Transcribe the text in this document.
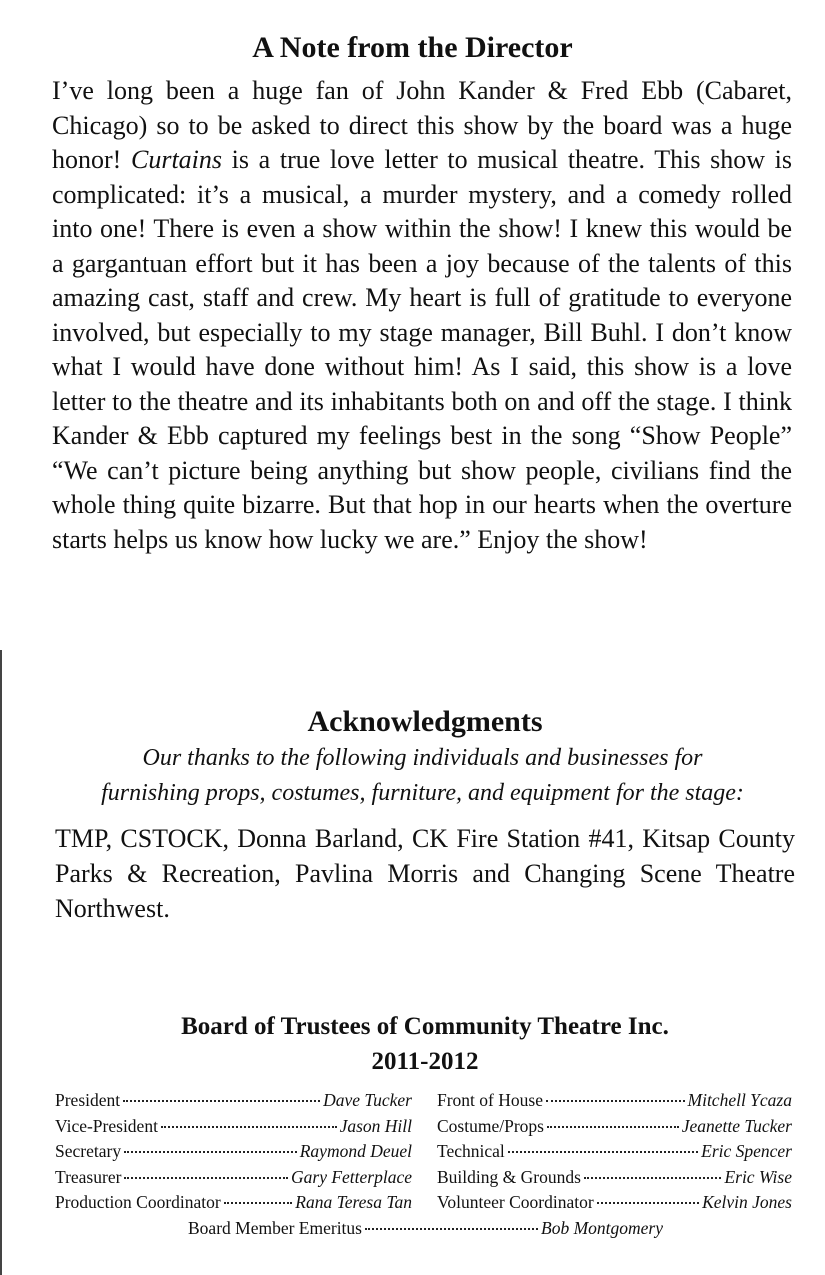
A Note from the Director
I’ve long been a huge fan of John Kander & Fred Ebb (Cabaret, Chicago) so to be asked to direct this show by the board was a huge honor! Curtains is a true love letter to musical theatre. This show is complicated: it’s a musical, a murder mystery, and a comedy rolled into one! There is even a show within the show! I knew this would be a gargantuan effort but it has been a joy because of the talents of this amazing cast, staff and crew. My heart is full of gratitude to everyone involved, but especially to my stage manager, Bill Buhl. I don’t know what I would have done without him! As I said, this show is a love letter to the theatre and its inhabitants both on and off the stage. I think Kander & Ebb captured my feelings best in the song “Show People” “We can’t picture being anything but show people, civilians find the whole thing quite bizarre. But that hop in our hearts when the overture starts helps us know how lucky we are.” Enjoy the show!
Acknowledgments
Our thanks to the following individuals and businesses for
furnishing props, costumes, furniture, and equipment for the stage:
TMP, CSTOCK, Donna Barland, CK Fire Station #41, Kitsap County Parks & Recreation, Pavlina Morris and Changing Scene Theatre Northwest.
Board of Trustees of Community Theatre Inc.
2011-2012
President	Dave Tucker
Vice-President	Jason Hill
Secretary	Raymond Deuel
Treasurer	Gary Fetterplace
Production Coordinator	Rana Teresa Tan
Front of House	Mitchell Ycaza
Costume/Props	Jeanette Tucker
Technical	Eric Spencer
Building & Grounds	Eric Wise
Volunteer Coordinator	Kelvin Jones
Board Member Emeritus	Bob Montgomery
